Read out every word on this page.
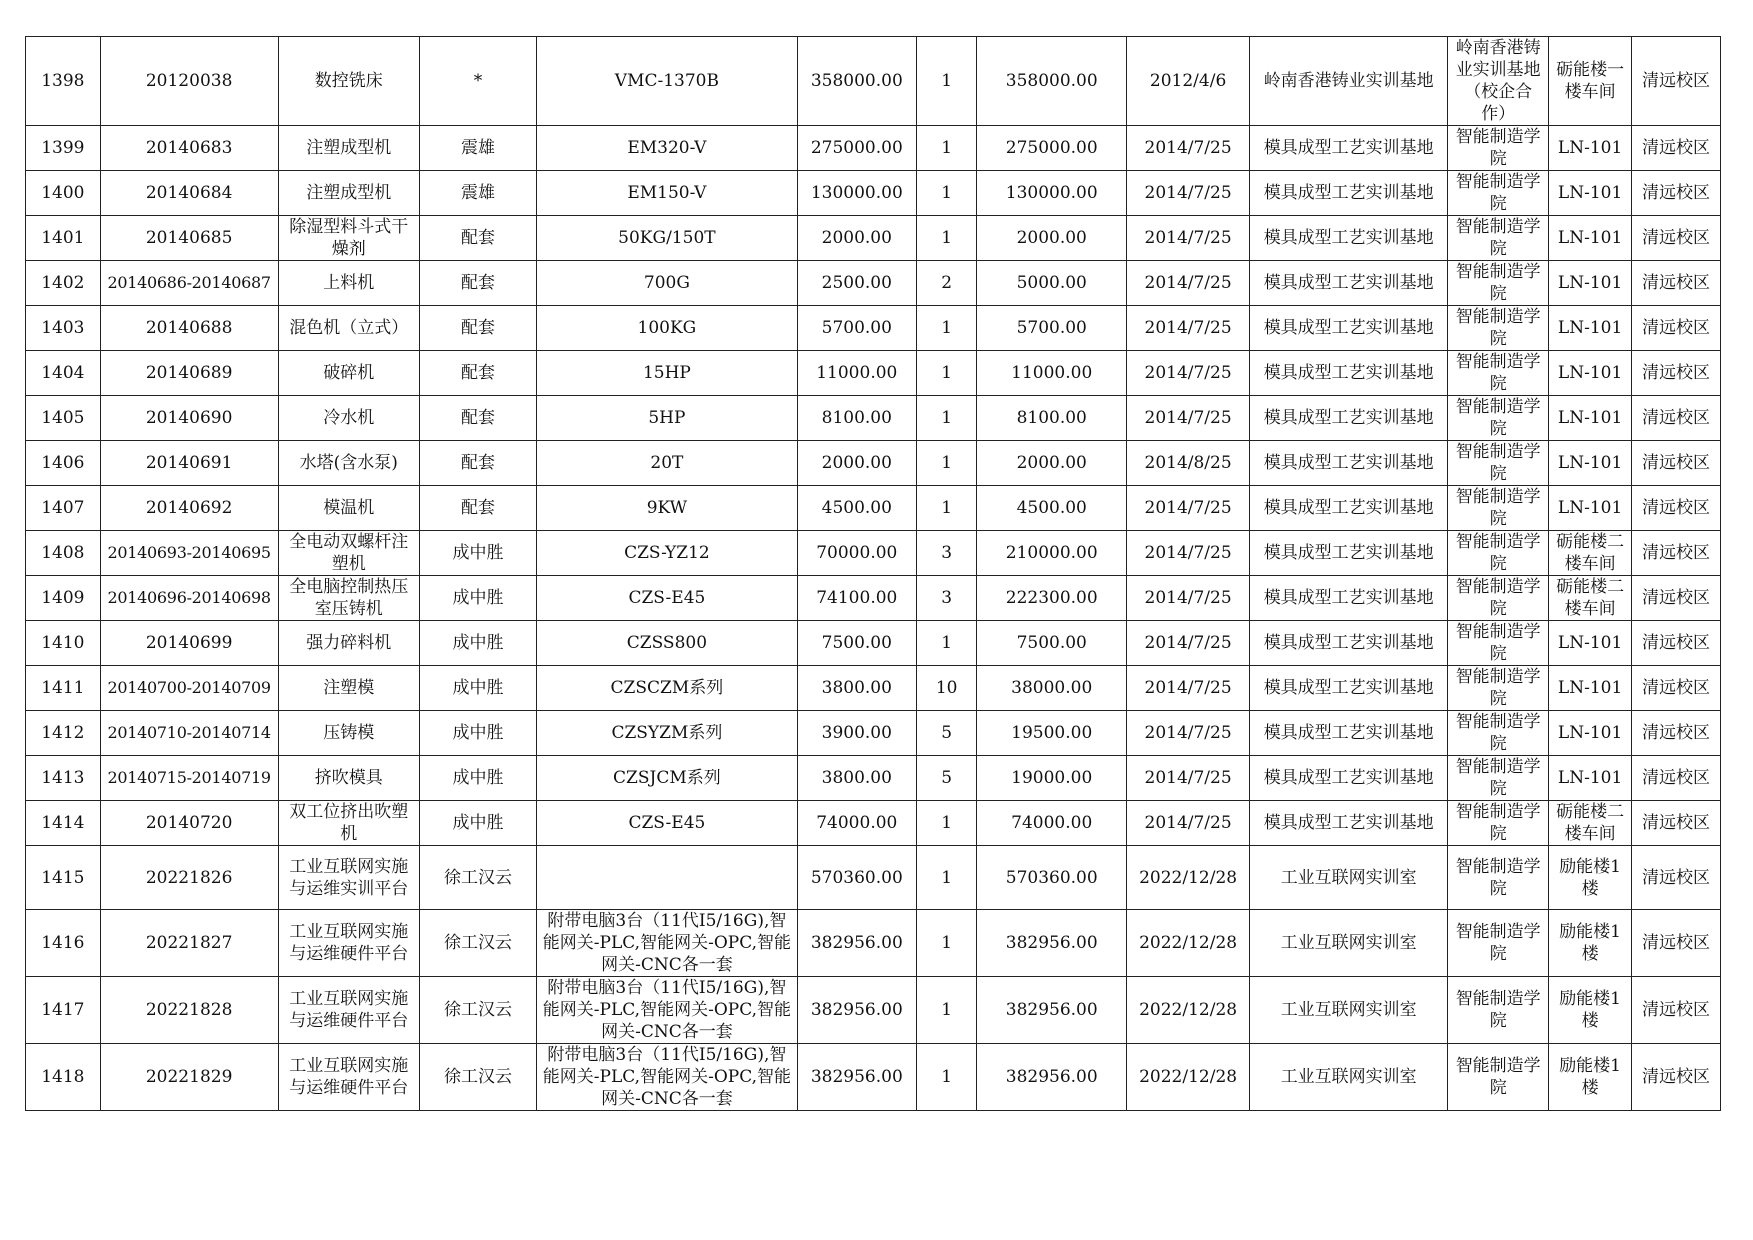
1398	20120038	数控铣床	*	VMC-1370B	358000.00	1	358000.00	2012/4/6	岭南香港铸业实训基地	岭南香港铸业实训基地（校企合作）	砺能楼一楼车间	清远校区
1399	20140683	注塑成型机	震雄	EM320-V	275000.00	1	275000.00	2014/7/25	模具成型工艺实训基地	智能制造学院	LN-101	清远校区
1400	20140684	注塑成型机	震雄	EM150-V	130000.00	1	130000.00	2014/7/25	模具成型工艺实训基地	智能制造学院	LN-101	清远校区
1401	20140685	除湿型料斗式干燥剂	配套	50KG/150T	2000.00	1	2000.00	2014/7/25	模具成型工艺实训基地	智能制造学院	LN-101	清远校区
1402	20140686-20140687	上料机	配套	700G	2500.00	2	5000.00	2014/7/25	模具成型工艺实训基地	智能制造学院	LN-101	清远校区
1403	20140688	混色机（立式）	配套	100KG	5700.00	1	5700.00	2014/7/25	模具成型工艺实训基地	智能制造学院	LN-101	清远校区
1404	20140689	破碎机	配套	15HP	11000.00	1	11000.00	2014/7/25	模具成型工艺实训基地	智能制造学院	LN-101	清远校区
1405	20140690	冷水机	配套	5HP	8100.00	1	8100.00	2014/7/25	模具成型工艺实训基地	智能制造学院	LN-101	清远校区
1406	20140691	水塔(含水泵)	配套	20T	2000.00	1	2000.00	2014/8/25	模具成型工艺实训基地	智能制造学院	LN-101	清远校区
1407	20140692	模温机	配套	9KW	4500.00	1	4500.00	2014/7/25	模具成型工艺实训基地	智能制造学院	LN-101	清远校区
1408	20140693-20140695	全电动双螺杆注塑机	成中胜	CZS-YZ12	70000.00	3	210000.00	2014/7/25	模具成型工艺实训基地	智能制造学院	砺能楼二楼车间	清远校区
1409	20140696-20140698	全电脑控制热压室压铸机	成中胜	CZS-E45	74100.00	3	222300.00	2014/7/25	模具成型工艺实训基地	智能制造学院	砺能楼二楼车间	清远校区
1410	20140699	强力碎料机	成中胜	CZSS800	7500.00	1	7500.00	2014/7/25	模具成型工艺实训基地	智能制造学院	LN-101	清远校区
1411	20140700-20140709	注塑模	成中胜	CZSCZM系列	3800.00	10	38000.00	2014/7/25	模具成型工艺实训基地	智能制造学院	LN-101	清远校区
1412	20140710-20140714	压铸模	成中胜	CZSYZM系列	3900.00	5	19500.00	2014/7/25	模具成型工艺实训基地	智能制造学院	LN-101	清远校区
1413	20140715-20140719	挤吹模具	成中胜	CZSJCM系列	3800.00	5	19000.00	2014/7/25	模具成型工艺实训基地	智能制造学院	LN-101	清远校区
1414	20140720	双工位挤出吹塑机	成中胜	CZS-E45	74000.00	1	74000.00	2014/7/25	模具成型工艺实训基地	智能制造学院	砺能楼二楼车间	清远校区
1415	20221826	工业互联网实施与运维实训平台	徐工汉云		570360.00	1	570360.00	2022/12/28	工业互联网实训室	智能制造学院	励能楼1楼	清远校区
1416	20221827	工业互联网实施与运维硬件平台	徐工汉云	附带电脑3台（11代I5/16G),智能网关-PLC,智能网关-OPC,智能网关-CNC各一套	382956.00	1	382956.00	2022/12/28	工业互联网实训室	智能制造学院	励能楼1楼	清远校区
1417	20221828	工业互联网实施与运维硬件平台	徐工汉云	附带电脑3台（11代I5/16G),智能网关-PLC,智能网关-OPC,智能网关-CNC各一套	382956.00	1	382956.00	2022/12/28	工业互联网实训室	智能制造学院	励能楼1楼	清远校区
1418	20221829	工业互联网实施与运维硬件平台	徐工汉云	附带电脑3台（11代I5/16G),智能网关-PLC,智能网关-OPC,智能网关-CNC各一套	382956.00	1	382956.00	2022/12/28	工业互联网实训室	智能制造学院	励能楼1楼	清远校区
